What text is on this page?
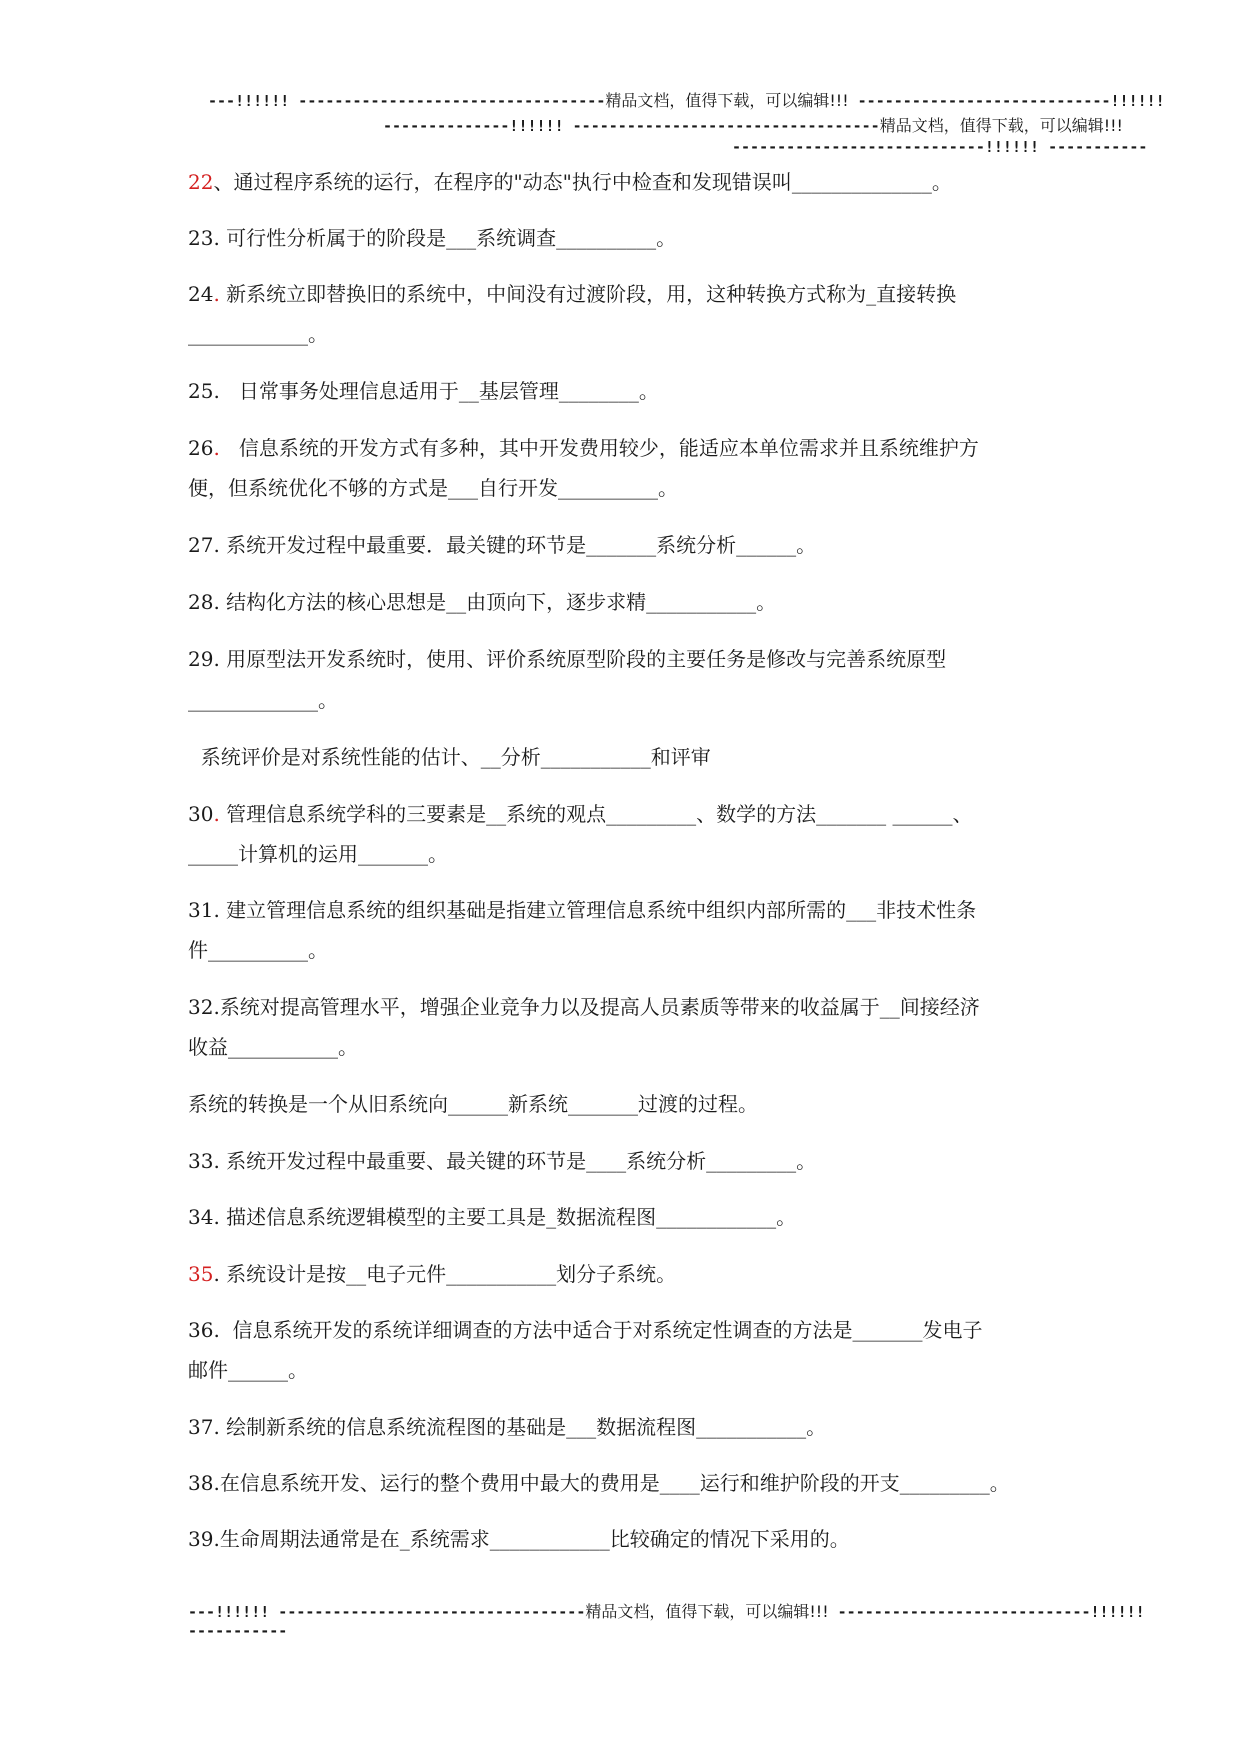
---!!!!!! ----------------------------------精品文档，值得下载，可以编辑!!! ----------------------------!!!!!!
--------------!!!!!! ----------------------------------精品文档，值得下载，可以编辑!!!
----------------------------!!!!!! -----------
22、通过程序系统的运行，在程序的"动态"执行中检查和发现错误叫______________。
23. 可行性分析属于的阶段是___系统调查__________。
24. 新系统立即替换旧的系统中，中间没有过渡阶段，用，这种转换方式称为_直接转换
____________。
25.   日常事务处理信息适用于__基层管理________。
26.   信息系统的开发方式有多种，其中开发费用较少，能适应本单位需求并且系统维护方
便，但系统优化不够的方式是___自行开发__________。
27. 系统开发过程中最重要．最关键的环节是_______系统分析______。
28. 结构化方法的核心思想是__由顶向下，逐步求精___________。
29. 用原型法开发系统时，使用、评价系统原型阶段的主要任务是修改与完善系统原型
_____________。
系统评价是对系统性能的估计、__分析___________和评审
30. 管理信息系统学科的三要素是__系统的观点_________、数学的方法_______ ______、
_____计算机的运用_______。
31. 建立管理信息系统的组织基础是指建立管理信息系统中组织内部所需的___非技术性条
件__________。
32.系统对提高管理水平，增强企业竞争力以及提高人员素质等带来的收益属于__间接经济
收益___________。
系统的转换是一个从旧系统向______新系统_______过渡的过程。
33. 系统开发过程中最重要、最关键的环节是____系统分析_________。
34. 描述信息系统逻辑模型的主要工具是_数据流程图____________。
35. 系统设计是按__电子元件___________划分子系统。
36.  信息系统开发的系统详细调查的方法中适合于对系统定性调查的方法是_______发电子
邮件______。
37. 绘制新系统的信息系统流程图的基础是___数据流程图___________。
38.在信息系统开发、运行的整个费用中最大的费用是____运行和维护阶段的开支_________。
39.生命周期法通常是在_系统需求____________比较确定的情况下采用的。
---!!!!!! ----------------------------------精品文档，值得下载，可以编辑!!! ----------------------------!!!!!!
-----------
